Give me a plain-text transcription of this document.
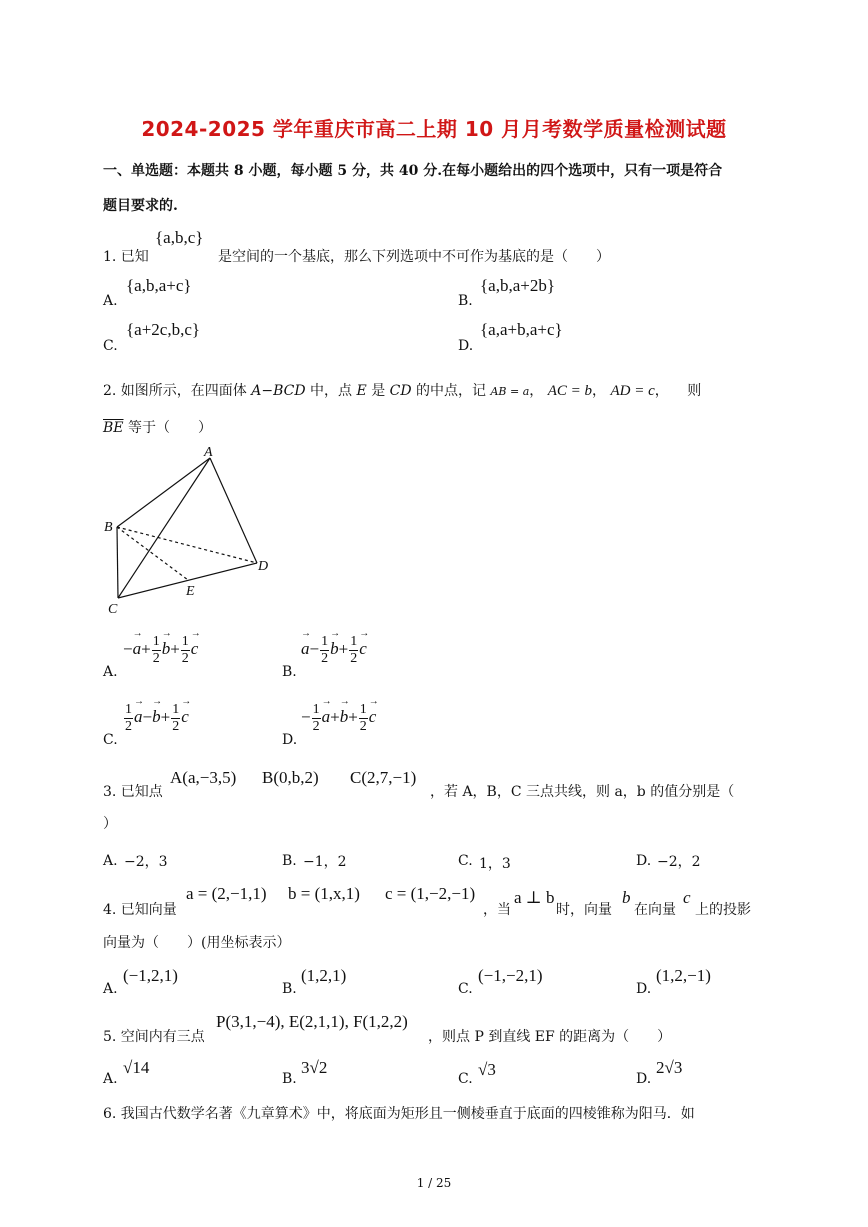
2024-2025 学年重庆市高二上期 10 月月考数学质量检测试题
一、单选题：本题共 8 小题，每小题 5 分，共 40 分.在每小题给出的四个选项中，只有一项是符合
题目要求的.
1. 已知
{a,b,c}
是空间的一个基底，那么下列选项中不可作为基底的是（　　）
A.
{a,b,a+c}
B.
{a,b,a+2b}
C.
{a+2c,b,c}
D.
{a,a+b,a+c}
2. 如图所示，在四面体 A−BCD 中，点 E 是 CD 的中点，记 AB = a， AC = b， AD = c， 则
$\overline{BE}$ 等于（　　）
A
B
C
D
E
A.
−→ $a+ \frac{1}{2} \to b+ \frac{1}{2} \to c$
B.
→ $a- \frac{1}{2} \to b+ \frac{1}{2} \to c$
C.
$\frac{1}{2} \to a-\to b+ \frac{1}{2} \to c$
D.
− $\frac{1}{2} \to a+\to b+ \frac{1}{2} \to c$
3. 已知点
A(a,−3,5) B(0,b,2) C(2,7,−1)
，若 A，B，C 三点共线，则 a，b 的值分别是（
）
A. −2，3	B. −1，2	C. 1，3	D. −2，2
4. 已知向量
a = (2,−1,1) b = (1,x,1) c = (1,−2,−1)
，当
a ⊥ b
时，向量
b
在向量
c
上的投影
向量为（　　）(用坐标表示）
A.
(−1,2,1)
B.
(1,2,1)
C.
(−1,−2,1)
D.
(1,2,−1)
5. 空间内有三点
P(3,1,−4), E(2,1,1), F(1,2,2)
，则点 P 到直线 EF 的距离为（　　）
A.
√14
B.
3√2
C. √3	D.
2√3
6. 我国古代数学名著《九章算术》中，将底面为矩形且一侧棱垂直于底面的四棱锥称为阳马．如
1 / 25
